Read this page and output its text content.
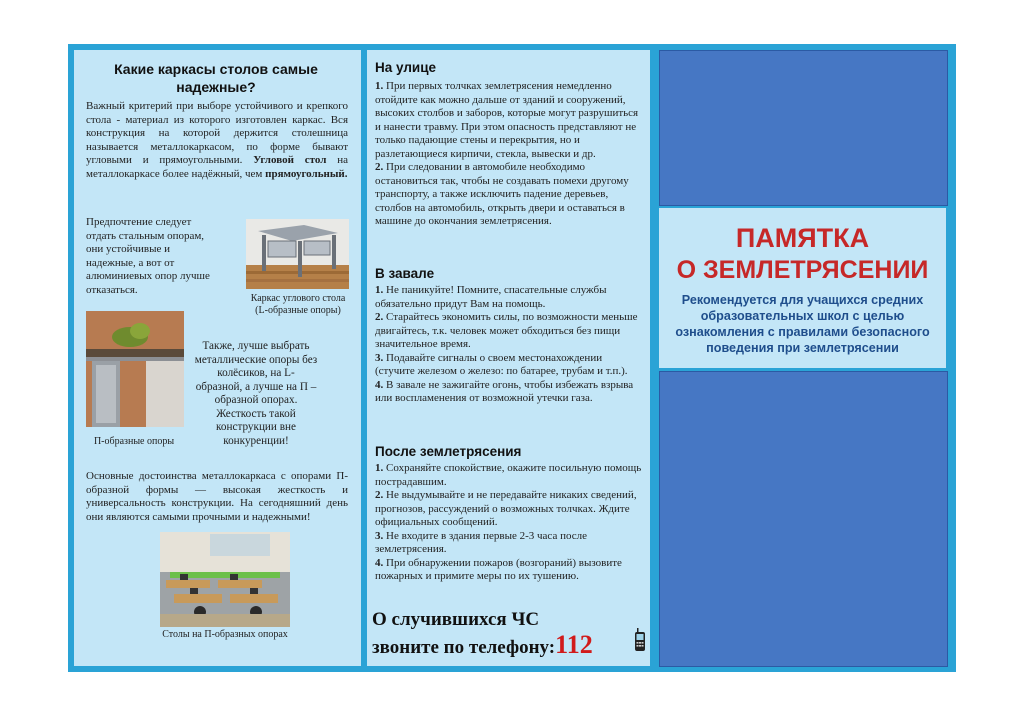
Какие каркасы столов самые надежные?
Важный критерий при выборе устойчивого и крепкого стола - материал из которого изготовлен каркас. Вся конструкция на которой держится столешница называется металлокаркасом, по форме бывают угловыми и прямоугольными. Угловой стол на металлокаркасе более надёжный, чем прямоугольный.
Предпочтение следует отдать стальным опорам, они устойчивые и надежные, а вот от алюминиевых опор лучше отказаться.
Каркас углового стола (L-образные опоры)
П-образные опоры
Также, лучше выбрать металлические опоры без колёсиков, на L- образной, а лучше на П – образной опорах. Жесткость такой конструкции вне конкуренции!
Основные достоинства металлокаркаса с опорами П-образной формы — высокая жесткость и универсальность конструкции. На сегодняшний день они являются самыми прочными и надежными!
Столы на П-образных опорах
На улице
1. При первых толчках землетрясения немедленно отойдите как можно дальше от зданий и сооружений, высоких столбов и заборов, которые могут разрушиться и нанести травму. При этом опасность представляют не только падающие стены и перекрытия, но и разлетающиеся кирпичи, стекла, вывески и др.
2. При следовании в автомобиле необходимо остановиться так, чтобы не создавать помехи другому транспорту, а также исключить падение деревьев, столбов на автомобиль, открыть двери и оставаться в машине до окончания землетрясения.
В завале
1. Не паникуйте! Помните, спасательные службы обязательно придут Вам на помощь.
2. Старайтесь экономить силы, по возможности меньше двигайтесь, т.к. человек может обходиться без пищи значительное время.
3. Подавайте сигналы о своем местонахождении (стучите железом о железо: по батарее, трубам и т.п.).
4. В завале не зажигайте огонь, чтобы избежать взрыва или воспламенения от возможной утечки газа.
После землетрясения
1. Сохраняйте спокойствие, окажите посильную помощь пострадавшим.
2. Не выдумывайте и не передавайте никаких сведений, прогнозов, рассуждений о возможных толчках. Ждите официальных сообщений.
3. Не входите в здания первые 2-3 часа после землетрясения.
4. При обнаружении пожаров (возгораний) вызовите пожарных и примите меры по их тушению.
О случившихся ЧС
звоните по телефону:112
ПАМЯТКА
О ЗЕМЛЕТРЯСЕНИИ
Рекомендуется для учащихся средних образовательных школ с целью ознакомления с правилами безопасного поведения при землетрясении
